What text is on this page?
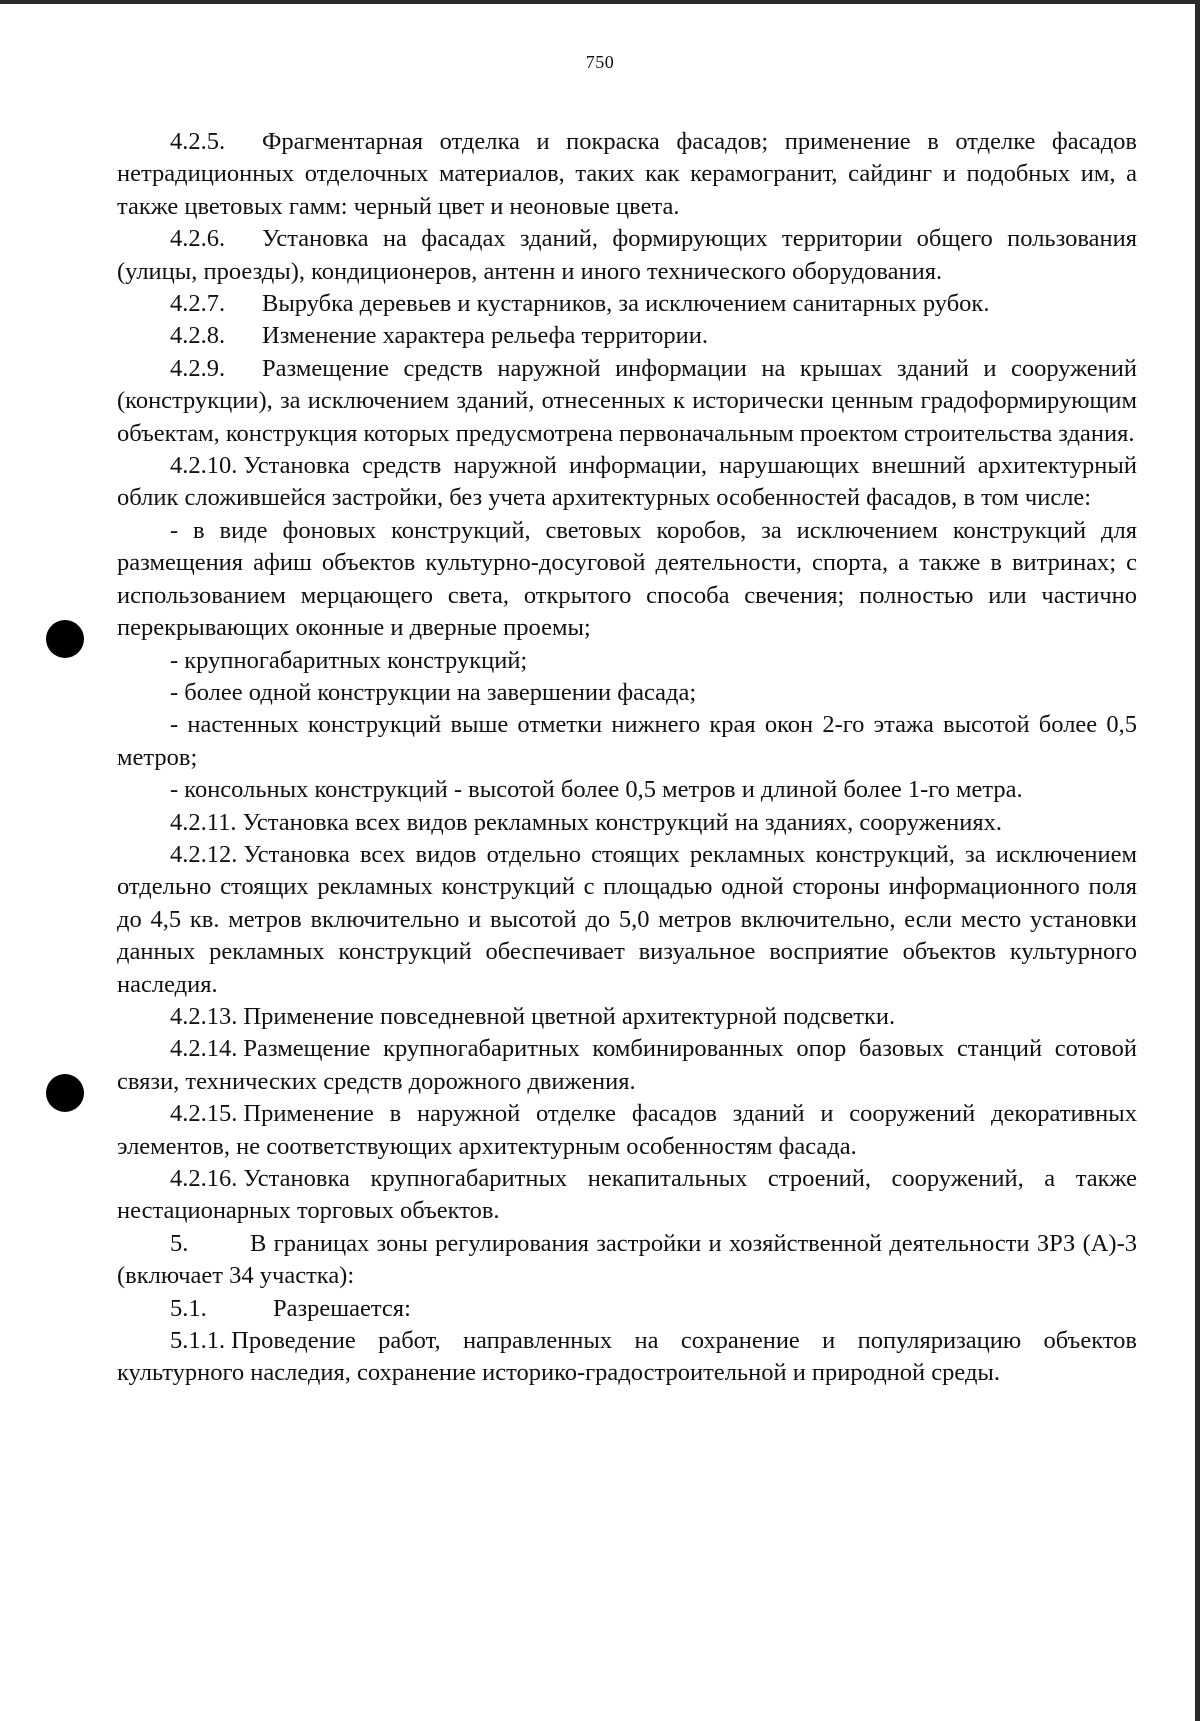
750

4.2.5. Фрагментарная отделка и покраска фасадов; применение в отделке фасадов нетрадиционных отделочных материалов, таких как керамогранит, сайдинг и подобных им, а также цветовых гамм: черный цвет и неоновые цвета.

4.2.6. Установка на фасадах зданий, формирующих территории общего пользования (улицы, проезды), кондиционеров, антенн и иного технического оборудования.

4.2.7. Вырубка деревьев и кустарников, за исключением санитарных рубок.

4.2.8. Изменение характера рельефа территории.

4.2.9. Размещение средств наружной информации на крышах зданий и сооружений (конструкции), за исключением зданий, отнесенных к исторически ценным градоформирующим объектам, конструкция которых предусмотрена первоначальным проектом строительства здания.

4.2.10. Установка средств наружной информации, нарушающих внешний архитектурный облик сложившейся застройки, без учета архитектурных особенностей фасадов, в том числе:

- в виде фоновых конструкций, световых коробов, за исключением конструкций для размещения афиш объектов культурно-досуговой деятельности, спорта, а также в витринах; с использованием мерцающего света, открытого способа свечения; полностью или частично перекрывающих оконные и дверные проемы;

- крупногабаритных конструкций;

- более одной конструкции на завершении фасада;

- настенных конструкций выше отметки нижнего края окон 2-го этажа высотой более 0,5 метров;

- консольных конструкций - высотой более 0,5 метров и длиной более 1-го метра.

4.2.11. Установка всех видов рекламных конструкций на зданиях, сооружениях.

4.2.12. Установка всех видов отдельно стоящих рекламных конструкций, за исключением отдельно стоящих рекламных конструкций с площадью одной стороны информационного поля до 4,5 кв. метров включительно и высотой до 5,0 метров включительно, если место установки данных рекламных конструкций обеспечивает визуальное восприятие объектов культурного наследия.

4.2.13. Применение повседневной цветной архитектурной подсветки.

4.2.14. Размещение крупногабаритных комбинированных опор базовых станций сотовой связи, технических средств дорожного движения.

4.2.15. Применение в наружной отделке фасадов зданий и сооружений декоративных элементов, не соответствующих архитектурным особенностям фасада.

4.2.16. Установка крупногабаритных некапитальных строений, сооружений, а также нестационарных торговых объектов.

5.	В границах зоны регулирования застройки и хозяйственной деятельности ЗРЗ (А)-3 (включает 34 участка):

5.1.	Разрешается:

5.1.1. Проведение работ, направленных на сохранение и популяризацию объектов культурного наследия, сохранение историко-градостроительной и природной среды.
